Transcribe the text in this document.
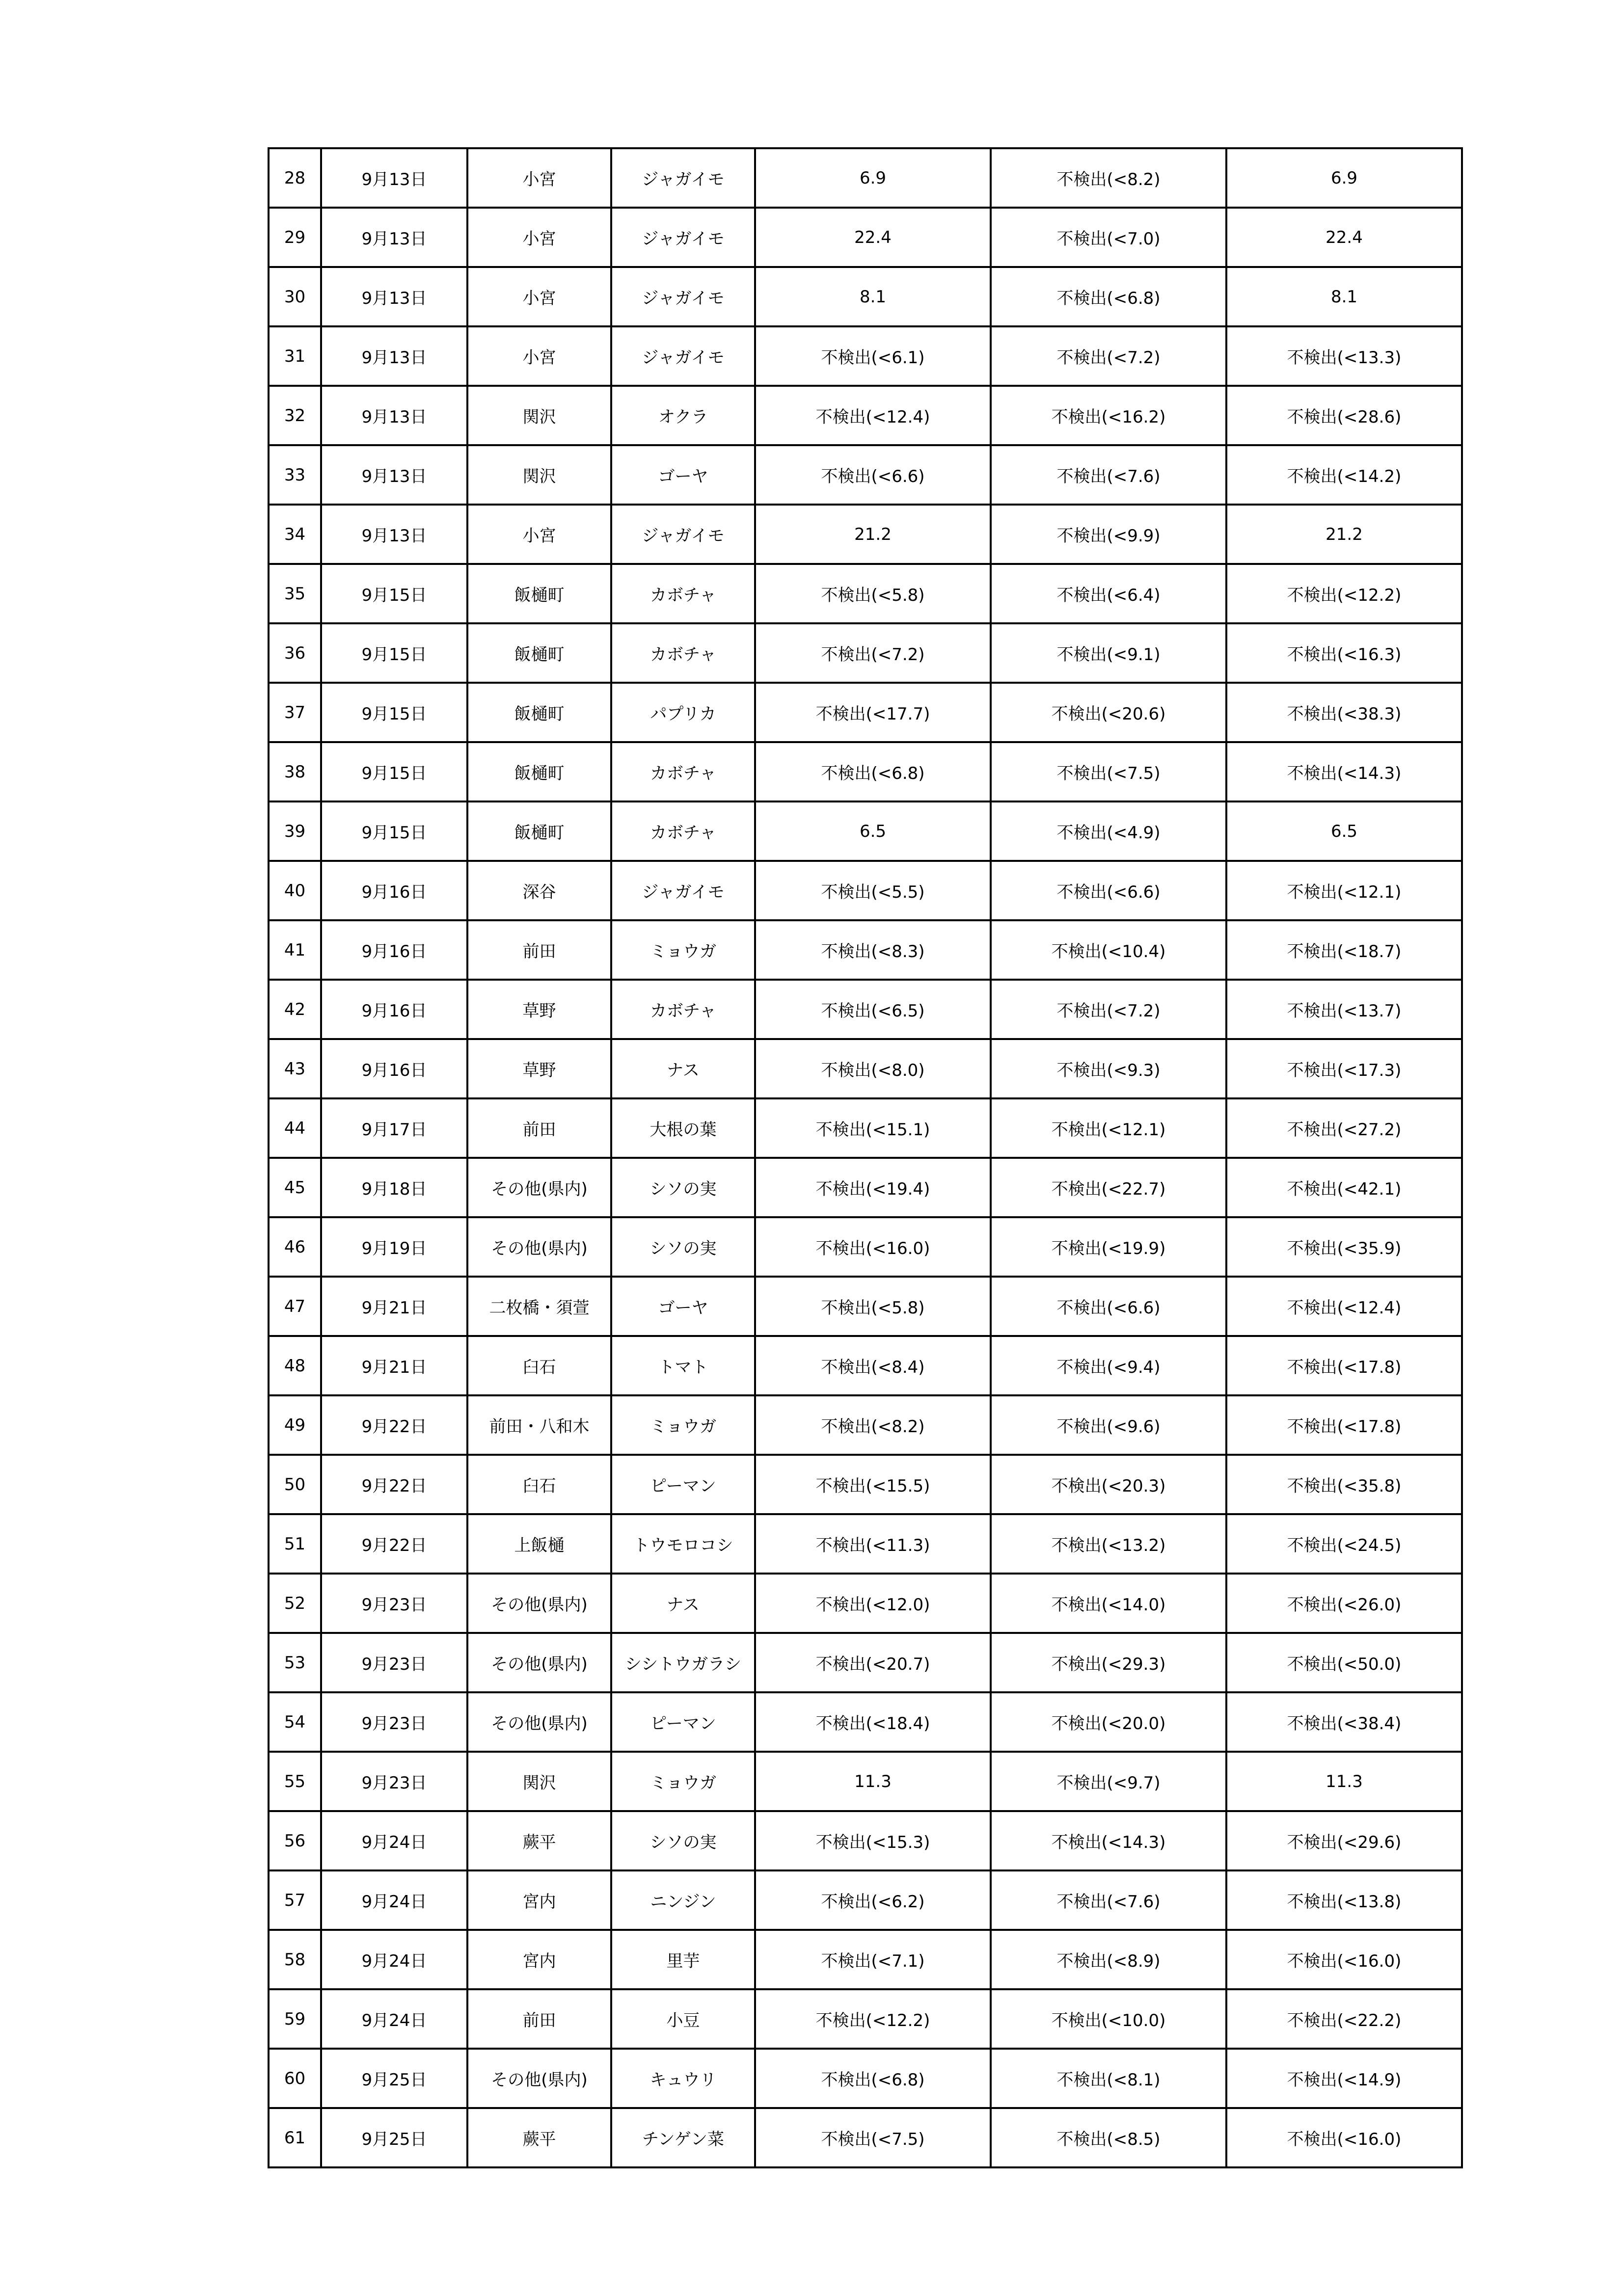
28	9月13日	小宮	ジャガイモ	6.9	不検出(<8.2)	6.9
29	9月13日	小宮	ジャガイモ	22.4	不検出(<7.0)	22.4
30	9月13日	小宮	ジャガイモ	8.1	不検出(<6.8)	8.1
31	9月13日	小宮	ジャガイモ	不検出(<6.1)	不検出(<7.2)	不検出(<13.3)
32	9月13日	関沢	オクラ	不検出(<12.4)	不検出(<16.2)	不検出(<28.6)
33	9月13日	関沢	ゴーヤ	不検出(<6.6)	不検出(<7.6)	不検出(<14.2)
34	9月13日	小宮	ジャガイモ	21.2	不検出(<9.9)	21.2
35	9月15日	飯樋町	カボチャ	不検出(<5.8)	不検出(<6.4)	不検出(<12.2)
36	9月15日	飯樋町	カボチャ	不検出(<7.2)	不検出(<9.1)	不検出(<16.3)
37	9月15日	飯樋町	パプリカ	不検出(<17.7)	不検出(<20.6)	不検出(<38.3)
38	9月15日	飯樋町	カボチャ	不検出(<6.8)	不検出(<7.5)	不検出(<14.3)
39	9月15日	飯樋町	カボチャ	6.5	不検出(<4.9)	6.5
40	9月16日	深谷	ジャガイモ	不検出(<5.5)	不検出(<6.6)	不検出(<12.1)
41	9月16日	前田	ミョウガ	不検出(<8.3)	不検出(<10.4)	不検出(<18.7)
42	9月16日	草野	カボチャ	不検出(<6.5)	不検出(<7.2)	不検出(<13.7)
43	9月16日	草野	ナス	不検出(<8.0)	不検出(<9.3)	不検出(<17.3)
44	9月17日	前田	大根の葉	不検出(<15.1)	不検出(<12.1)	不検出(<27.2)
45	9月18日	その他(県内)	シソの実	不検出(<19.4)	不検出(<22.7)	不検出(<42.1)
46	9月19日	その他(県内)	シソの実	不検出(<16.0)	不検出(<19.9)	不検出(<35.9)
47	9月21日	二枚橋・須萱	ゴーヤ	不検出(<5.8)	不検出(<6.6)	不検出(<12.4)
48	9月21日	臼石	トマト	不検出(<8.4)	不検出(<9.4)	不検出(<17.8)
49	9月22日	前田・八和木	ミョウガ	不検出(<8.2)	不検出(<9.6)	不検出(<17.8)
50	9月22日	臼石	ピーマン	不検出(<15.5)	不検出(<20.3)	不検出(<35.8)
51	9月22日	上飯樋	トウモロコシ	不検出(<11.3)	不検出(<13.2)	不検出(<24.5)
52	9月23日	その他(県内)	ナス	不検出(<12.0)	不検出(<14.0)	不検出(<26.0)
53	9月23日	その他(県内)	シシトウガラシ	不検出(<20.7)	不検出(<29.3)	不検出(<50.0)
54	9月23日	その他(県内)	ピーマン	不検出(<18.4)	不検出(<20.0)	不検出(<38.4)
55	9月23日	関沢	ミョウガ	11.3	不検出(<9.7)	11.3
56	9月24日	蕨平	シソの実	不検出(<15.3)	不検出(<14.3)	不検出(<29.6)
57	9月24日	宮内	ニンジン	不検出(<6.2)	不検出(<7.6)	不検出(<13.8)
58	9月24日	宮内	里芋	不検出(<7.1)	不検出(<8.9)	不検出(<16.0)
59	9月24日	前田	小豆	不検出(<12.2)	不検出(<10.0)	不検出(<22.2)
60	9月25日	その他(県内)	キュウリ	不検出(<6.8)	不検出(<8.1)	不検出(<14.9)
61	9月25日	蕨平	チンゲン菜	不検出(<7.5)	不検出(<8.5)	不検出(<16.0)
